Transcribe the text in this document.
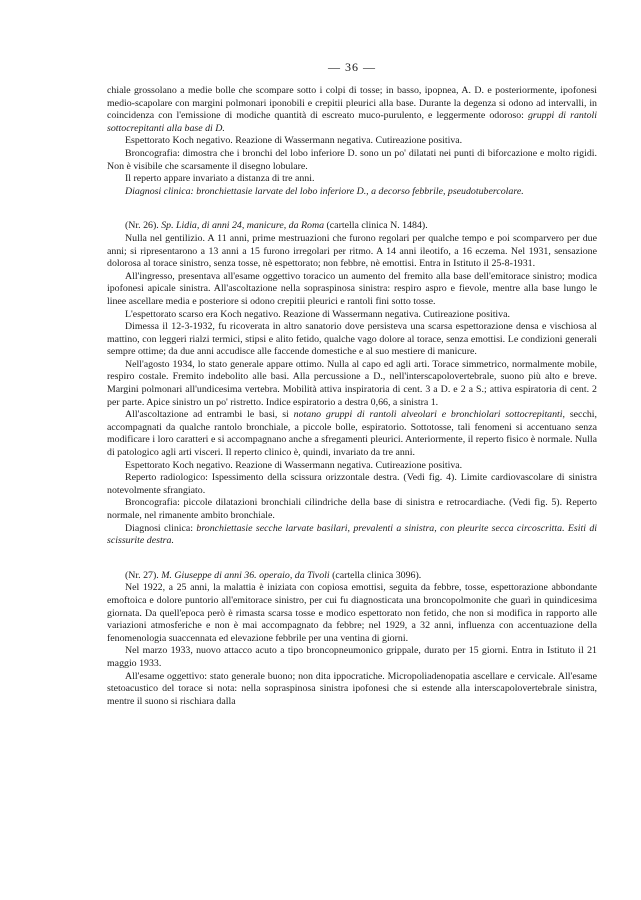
— 36 —

chiale grossolano a medie bolle che scompare sotto i colpi di tosse; in basso, ipopnea, A. D. e posteriormente, ipofonesi medio-scapolare con margini polmonari iponobili e crepitii pleurici alla base. Durante la degenza si odono ad intervalli, in coincidenza con l'emissione di modiche quantità di escreato muco-purulento, e leggermente odoroso: gruppi di rantoli sottocrepitanti alla base di D.

Espettorato Koch negativo. Reazione di Wassermann negativa. Cutireazione positiva.

Broncografia: dimostra che i bronchi del lobo inferiore D. sono un po' dilatati nei punti di biforcazione e molto rigidi. Non è visibile che scarsamente il disegno lobulare.

Il reperto appare invariato a distanza di tre anni.

Diagnosi clinica: bronchiettasie larvate del lobo inferiore D., a decorso febbrile, pseudotubercolare.

(Nr. 26). Sp. Lidia, di anni 24, manicure, da Roma (cartella clinica N. 1484).

Nulla nel gentilizio. A 11 anni, prime mestruazioni che furono regolari per qualche tempo e poi scomparvero per due anni; si ripresentarono a 13 anni a 15 furono irregolari per ritmo. A 14 anni ileotifo, a 16 eczema. Nel 1931, sensazione dolorosa al torace sinistro, senza tosse, nè espettorato; non febbre, nè emottisi. Entra in Istituto il 25-8-1931.

All'ingresso, presentava all'esame oggettivo toracico un aumento del fremito alla base dell'emitorace sinistro; modica ipofonesi apicale sinistra. All'ascoltazione nella sopraspinosa sinistra: respiro aspro e fievole, mentre alla base lungo le linee ascellare media e posteriore si odono crepitii pleurici e rantoli fini sotto tosse.

L'espettorato scarso era Koch negativo. Reazione di Wassermann negativa. Cutireazione positiva.

Dimessa il 12-3-1932, fu ricoverata in altro sanatorio dove persisteva una scarsa espettorazione densa e vischiosa al mattino, con leggeri rialzi termici, stipsi e alito fetido, qualche vago dolore al torace, senza emottisi. Le condizioni generali sempre ottime; da due anni accudisce alle faccende domestiche e al suo mestiere di manicure.

Nell'agosto 1934, lo stato generale appare ottimo. Nulla al capo ed agli arti. Torace simmetrico, normalmente mobile, respiro costale. Fremito indebolito alle basi. Alla percussione a D., nell'interscapolovertebrale, suono più alto e breve. Margini polmonari all'undicesima vertebra. Mobilità attiva inspiratoria di cent. 3 a D. e 2 a S.; attiva espiratoria di cent. 2 per parte. Apice sinistro un po' ristretto. Indice espiratorio a destra 0,66, a sinistra 1.

All'ascoltazione ad entrambi le basi, si notano gruppi di rantoli alveolari e bronchiolari sottocrepitanti, secchi, accompagnati da qualche rantolo bronchiale, a piccole bolle, espiratorio. Sottotosse, tali fenomeni si accentuano senza modificare i loro caratteri e si accompagnano anche a sfregamenti pleurici. Anteriormente, il reperto fisico è normale. Nulla di patologico agli arti visceri. Il reperto clinico è, quindi, invariato da tre anni.

Espettorato Koch negativo. Reazione di Wassermann negativa. Cutireazione positiva.

Reperto radiologico: Ispessimento della scissura orizzontale destra. (Vedi fig. 4). Limite cardiovascolare di sinistra notevolmente sfrangiato.

Broncografia: piccole dilatazioni bronchiali cilindriche della base di sinistra e retrocardiache. (Vedi fig. 5). Reperto normale, nel rimanente ambito bronchiale.

Diagnosi clinica: bronchiettasie secche larvate basilari, prevalenti a sinistra, con pleurite secca circoscritta. Esiti di scissurite destra.

(Nr. 27). M. Giuseppe di anni 36. operaio, da Tivoli (cartella clinica 3096).

Nel 1922, a 25 anni, la malattia è iniziata con copiosa emottisi, seguita da febbre, tosse, espettorazione abbondante emoftoica e dolore puntorio all'emitorace sinistro, per cui fu diagnosticata una broncopolmonite che guarì in quindicesima giornata. Da quell'epoca però è rimasta scarsa tosse e modico espettorato non fetido, che non si modifica in rapporto alle variazioni atmosferiche e non è mai accompagnato da febbre; nel 1929, a 32 anni, influenza con accentuazione della fenomenologia suaccennata ed elevazione febbrile per una ventina di giorni.

Nel marzo 1933, nuovo attacco acuto a tipo broncopneumonico grippale, durato per 15 giorni. Entra in Istituto il 21 maggio 1933.

All'esame oggettivo: stato generale buono; non dita ippocratiche. Micropoliadenopatia ascellare e cervicale. All'esame stetoacustico del torace si nota: nella sopraspinosa sinistra ipofonesi che si estende alla interscapolovertebrale sinistra, mentre il suono si rischiara dalla
